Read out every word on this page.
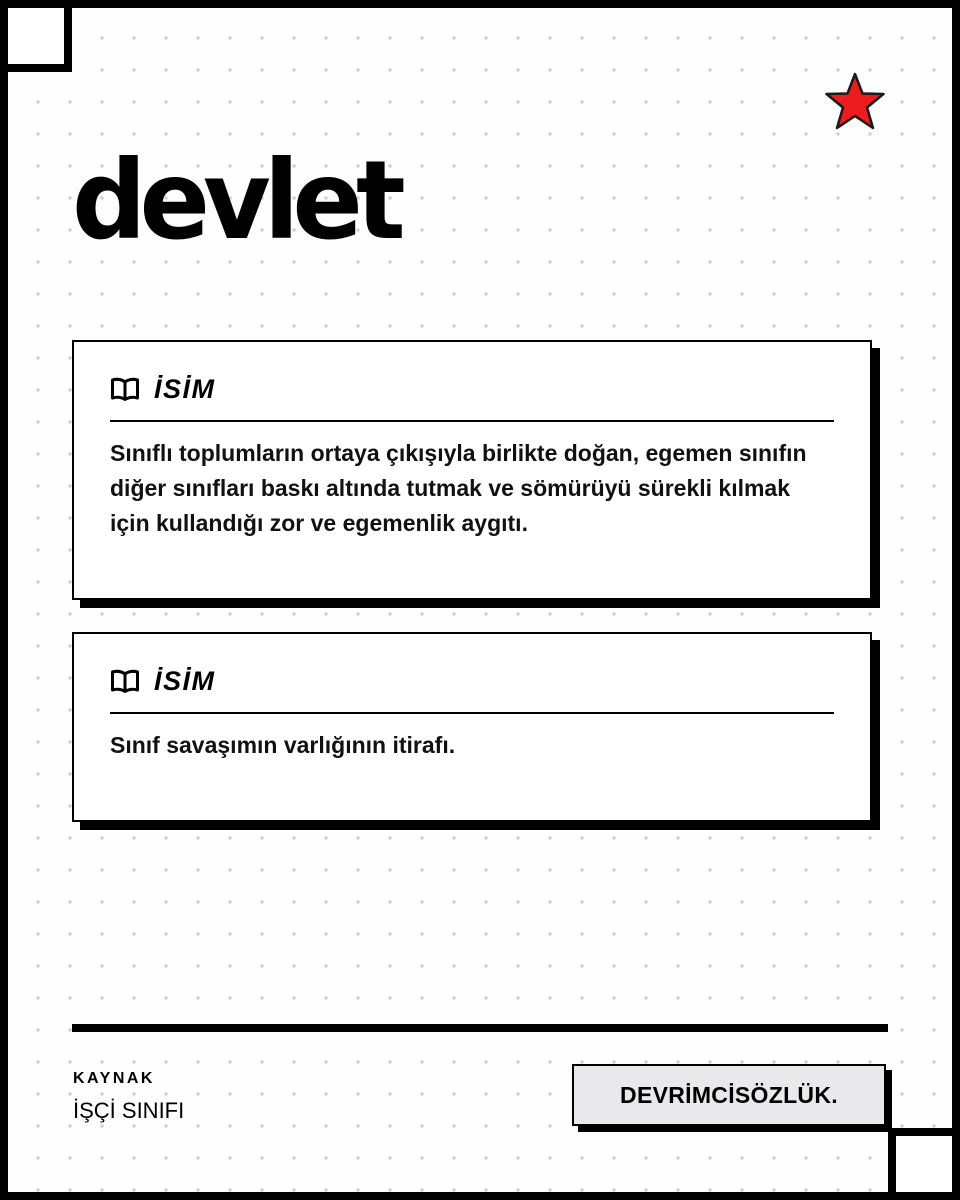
devlet
İSİM

Sınıflı toplumların ortaya çıkışıyla birlikte doğan, egemen sınıfın diğer sınıfları baskı altında tutmak ve sömürüyü sürekli kılmak için kullandığı zor ve egemenlik aygıtı.

İSİM

Sınıf savaşımın varlığının itirafı.

KAYNAK
İŞÇİ SINIFI
DEVRİMCİSÖZLÜK.
